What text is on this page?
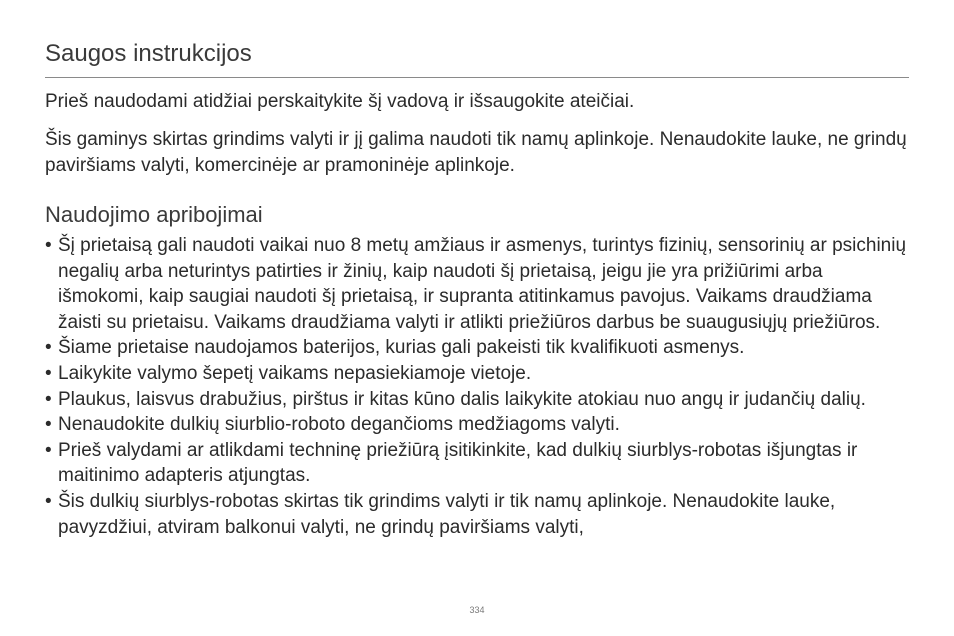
Saugos instrukcijos

Prieš naudodami atidžiai perskaitykite šį vadovą ir išsaugokite ateičiai.

Šis gaminys skirtas grindims valyti ir jį galima naudoti tik namų aplinkoje. Nenaudokite lauke, ne grindų paviršiams valyti, komercinėje ar pramoninėje aplinkoje.

Naudojimo apribojimai
• Šį prietaisą gali naudoti vaikai nuo 8 metų amžiaus ir asmenys, turintys fizinių, sensorinių ar psichinių negalių arba neturintys patirties ir žinių, kaip naudoti šį prietaisą, jeigu jie yra prižiūrimi arba išmokomi, kaip saugiai naudoti šį prietaisą, ir supranta atitinkamus pavojus. Vaikams draudžiama žaisti su prietaisu. Vaikams draudžiama valyti ir atlikti priežiūros darbus be suaugusiųjų priežiūros.
• Šiame prietaise naudojamos baterijos, kurias gali pakeisti tik kvalifikuoti asmenys.
• Laikykite valymo šepetį vaikams nepasiekiamoje vietoje.
• Plaukus, laisvus drabužius, pirštus ir kitas kūno dalis laikykite atokiau nuo angų ir judančių dalių.
• Nenaudokite dulkių siurblio-roboto degančioms medžiagoms valyti.
• Prieš valydami ar atlikdami techninę priežiūrą įsitikinkite, kad dulkių siurblys-robotas išjungtas ir maitinimo adapteris atjungtas.
• Šis dulkių siurblys-robotas skirtas tik grindims valyti ir tik namų aplinkoje. Nenaudokite lauke, pavyzdžiui, atviram balkonui valyti, ne grindų paviršiams valyti,
334
